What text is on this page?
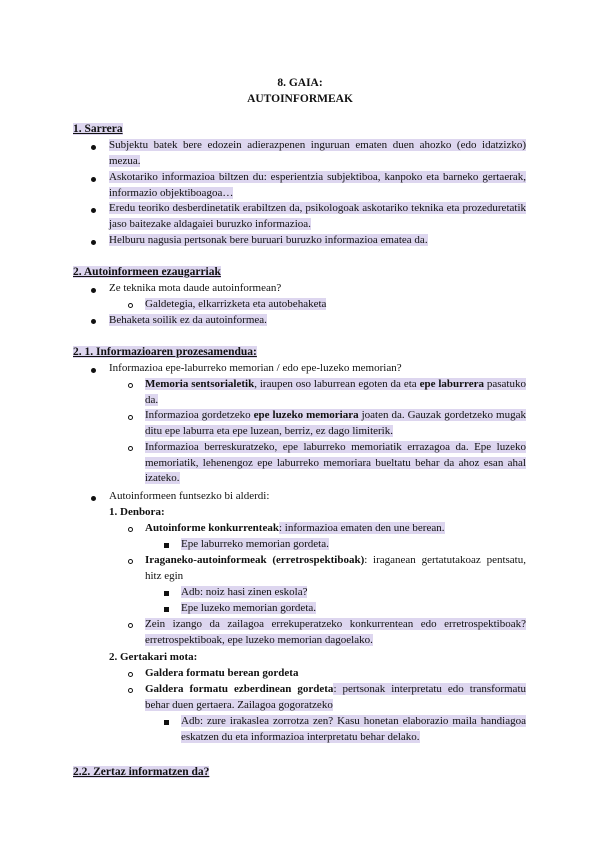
8. GAIA:
AUTOINFORMEAK
1. Sarrera
Subjektu batek bere edozein adierazpenen inguruan ematen duen ahozko (edo idatzizko) mezua.
Askotariko informazioa biltzen du: esperientzia subjektiboa, kanpoko eta barneko gertaerak, informazio objektiboagoa…
Eredu teoriko desberdinetatik erabiltzen da, psikologoak askotariko teknika eta prozeduretatik jaso baitezake aldagaiei buruzko informazioa.
Helburu nagusia pertsonak bere buruari buruzko informazioa ematea da.
2. Autoinformeen ezaugarriak
Ze teknika mota daude autoinformean?
Galdetegia, elkarrizketa eta autobehaketa
Behaketa soilik ez da autoinformea.
2. 1. Informazioaren prozesamendua:
Informazioa epe-laburreko memorian / edo epe-luzeko memorian?
Memoria sentsorialetik, iraupen oso laburrean egoten da eta epe laburrera pasatuko da.
Informazioa gordetzeko epe luzeko memoriara joaten da. Gauzak gordetzeko mugak ditu epe laburra eta epe luzean, berriz, ez dago limiterik.
Informazioa berreskuratzeko, epe laburreko memoriatik errazagoa da. Epe luzeko memoriatik, lehenengoz epe laburreko memoriara bueltatu behar da ahoz esan ahal izateko.
Autoinformeen funtsezko bi alderdi:
1. Denbora:
Autoinforme konkurrenteak: informazioa ematen den une berean.
Epe laburreko memorian gordeta.
Iraganeko-autoinformeak (erretrospektiboak): iraganean gertatutakoaz pentsatu, hitz egin
Adb: noiz hasi zinen eskola?
Epe luzeko memorian gordeta.
Zein izango da zailagoa errekuperatzeko konkurrentean edo erretrospektiboak? erretrospektiboak, epe luzeko memorian dagoelako.
2. Gertakari mota:
Galdera formatu berean gordeta
Galdera formatu ezberdinean gordeta: pertsonak interpretatu edo transformatu behar duen gertaera. Zailagoa gogoratzeko
Adb: zure irakaslea zorrotza zen? Kasu honetan elaborazio maila handiagoa eskatzen du eta informazioa interpretatu behar delako.
2.2. Zertaz informatzen da?
